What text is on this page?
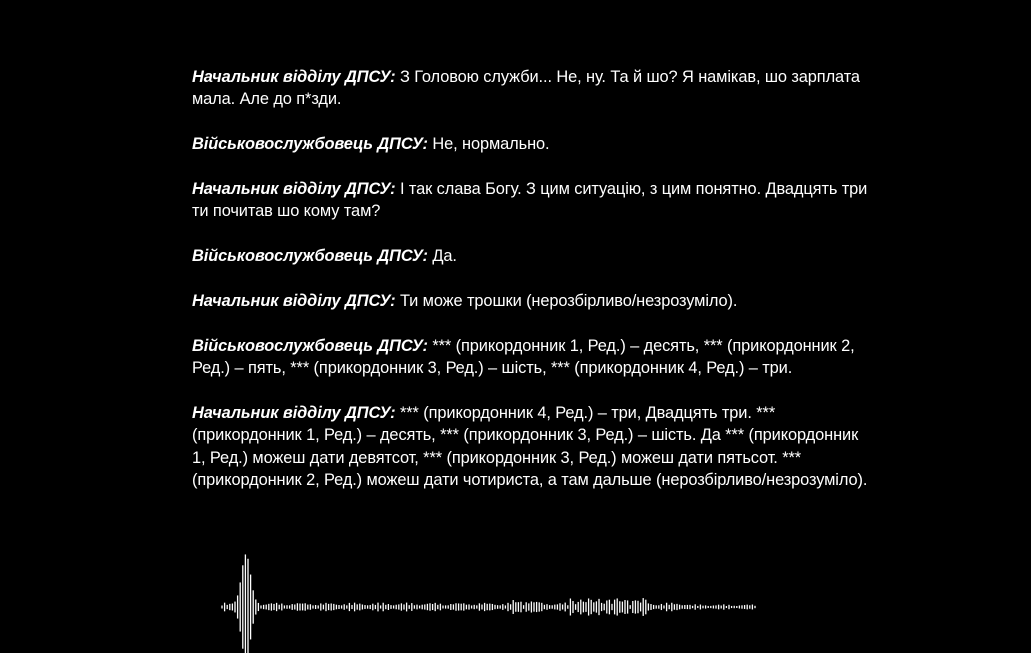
Начальник відділу ДПСУ: З Головою служби... Не, ну. Та й шо? Я намікав, шо зарплата мала. Але до п*зди.

Військовослужбовець ДПСУ: Не, нормально.

Начальник відділу ДПСУ: І так слава Богу. З цим ситуацію, з цим понятно. Двадцять три ти почитав шо кому там?

Військовослужбовець ДПСУ: Да.

Начальник відділу ДПСУ: Ти може трошки (нерозбірливо/незрозуміло).

Військовослужбовець ДПСУ: *** (прикордонник 1, Ред.) – десять, *** (прикордонник 2, Ред.) – пять, *** (прикордонник 3, Ред.) – шість, *** (прикордонник 4, Ред.) – три.

Начальник відділу ДПСУ: *** (прикордонник 4, Ред.) – три, Двадцять три. *** (прикордонник 1, Ред.) – десять, *** (прикордонник 3, Ред.) – шість. Да *** (прикордонник 1, Ред.) можеш дати девятсот, *** (прикордонник 3, Ред.) можеш дати пятьсот. *** (прикордонник 2, Ред.) можеш дати чотириста, а там дальше (нерозбірливо/незрозуміло).
